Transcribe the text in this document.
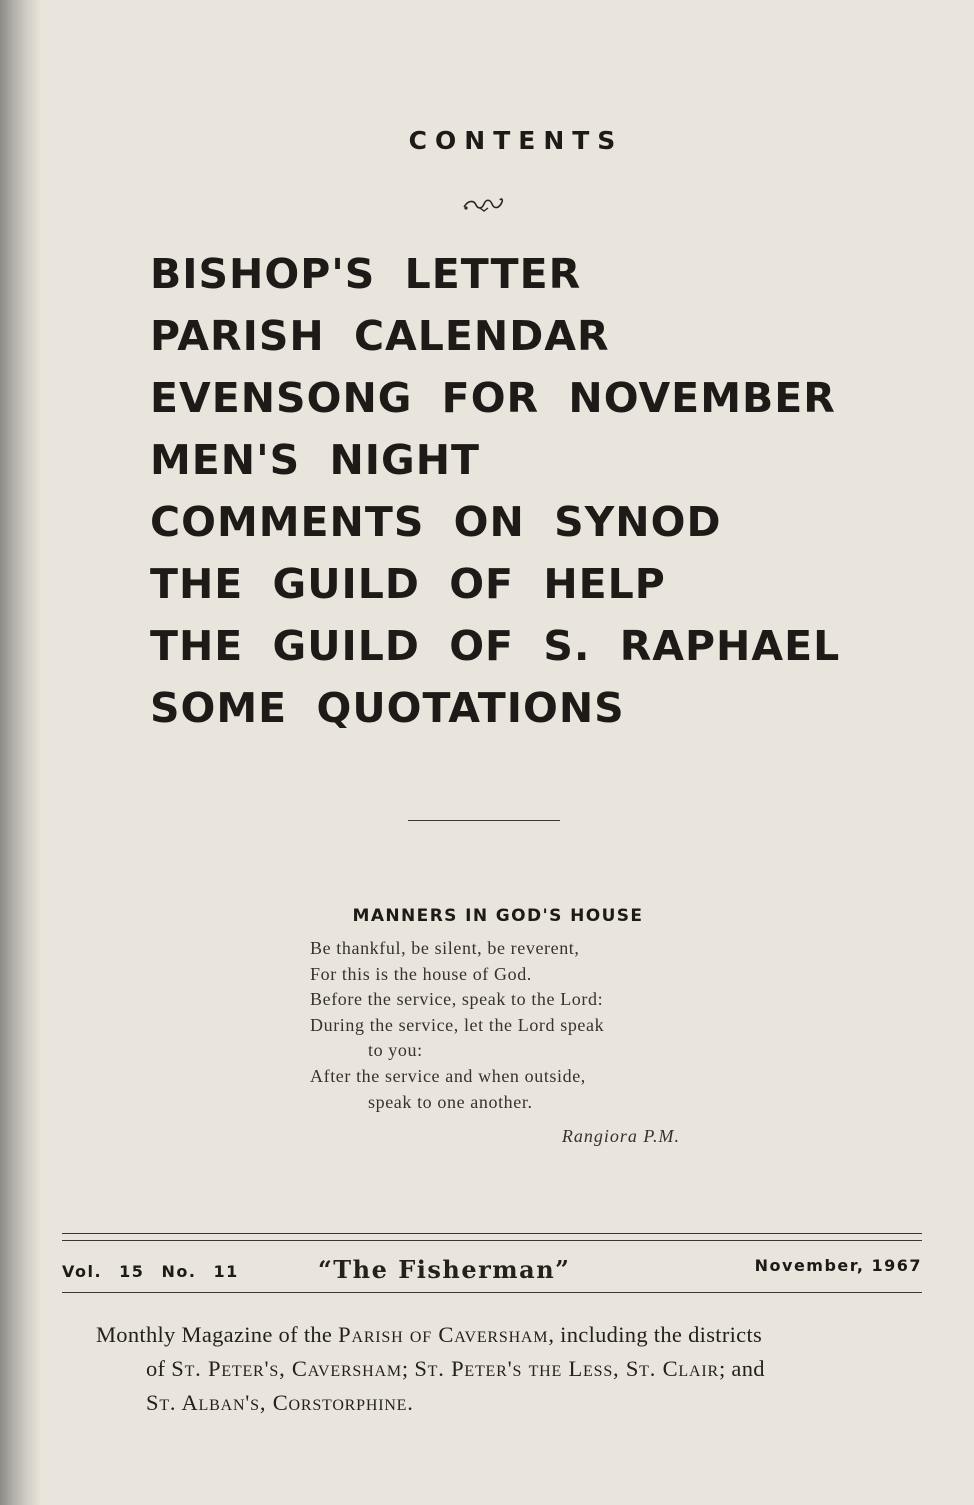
CONTENTS
BISHOP'S LETTER
PARISH CALENDAR
EVENSONG FOR NOVEMBER
MEN'S NIGHT
COMMENTS ON SYNOD
THE GUILD OF HELP
THE GUILD OF S. RAPHAEL
SOME QUOTATIONS
MANNERS IN GOD'S HOUSE
Be thankful, be silent, be reverent,
For this is the house of God.
Before the service, speak to the Lord:
During the service, let the Lord speak
to you:
After the service and when outside,
speak to one another.
Rangiora P.M.
Vol. 15 No. 11	“The Fisherman”	November, 1967
Monthly Magazine of the Parish of Caversham, including the districts
of St. Peter's, Caversham; St. Peter's the Less, St. Clair; and
St. Alban's, Corstorphine.
